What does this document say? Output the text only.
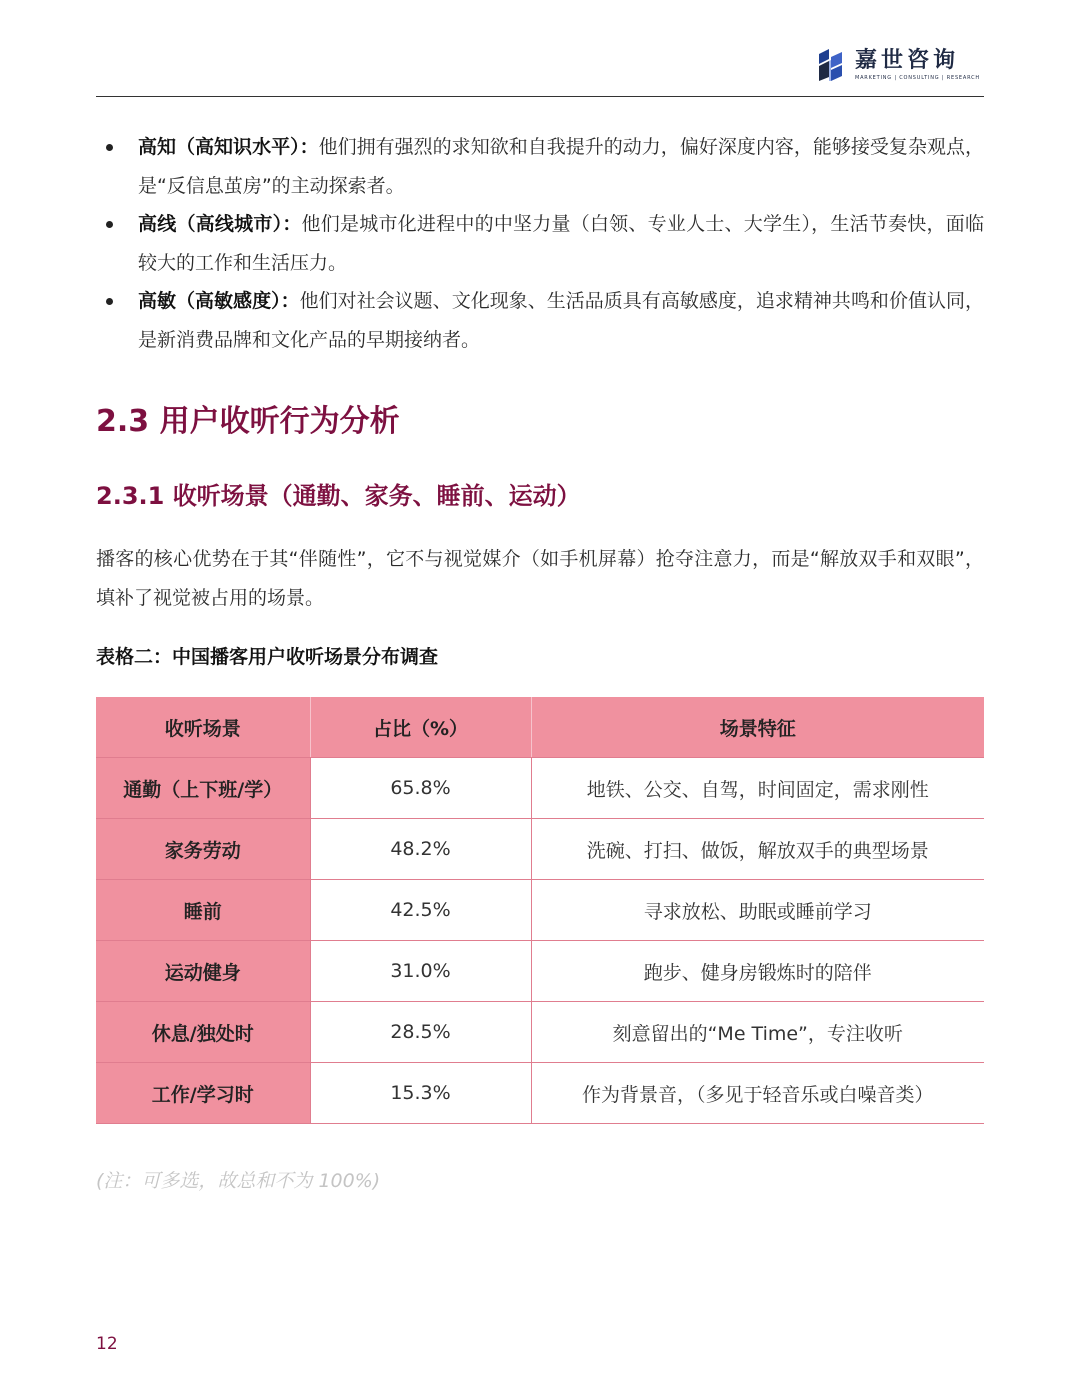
嘉世咨询
MARKETING | CONSULTING | RESEARCH
高知（高知识水平）：他们拥有强烈的求知欲和自我提升的动力，偏好深度内容，能够接受复杂观点，是“反信息茧房”的主动探索者。
高线（高线城市）：他们是城市化进程中的中坚力量（白领、专业人士、大学生），生活节奏快，面临较大的工作和生活压力。
高敏（高敏感度）：他们对社会议题、文化现象、生活品质具有高敏感度，追求精神共鸣和价值认同，是新消费品牌和文化产品的早期接纳者。
2.3 用户收听行为分析
2.3.1 收听场景（通勤、家务、睡前、运动）

播客的核心优势在于其“伴随性”，它不与视觉媒介（如手机屏幕）抢夺注意力，而是“解放双手和双眼”，填补了视觉被占用的场景。

表格二：中国播客用户收听场景分布调查

收听场景	占比（%）	场景特征
通勤（上下班/学）	65.8%	地铁、公交、自驾，时间固定，需求刚性
家务劳动	48.2%	洗碗、打扫、做饭，解放双手的典型场景
睡前	42.5%	寻求放松、助眠或睡前学习
运动健身	31.0%	跑步、健身房锻炼时的陪伴
休息/独处时	28.5%	刻意留出的“Me Time”，专注收听
工作/学习时	15.3%	作为背景音，（多见于轻音乐或白噪音类）

(注：可多选，故总和不为 100%)

12
